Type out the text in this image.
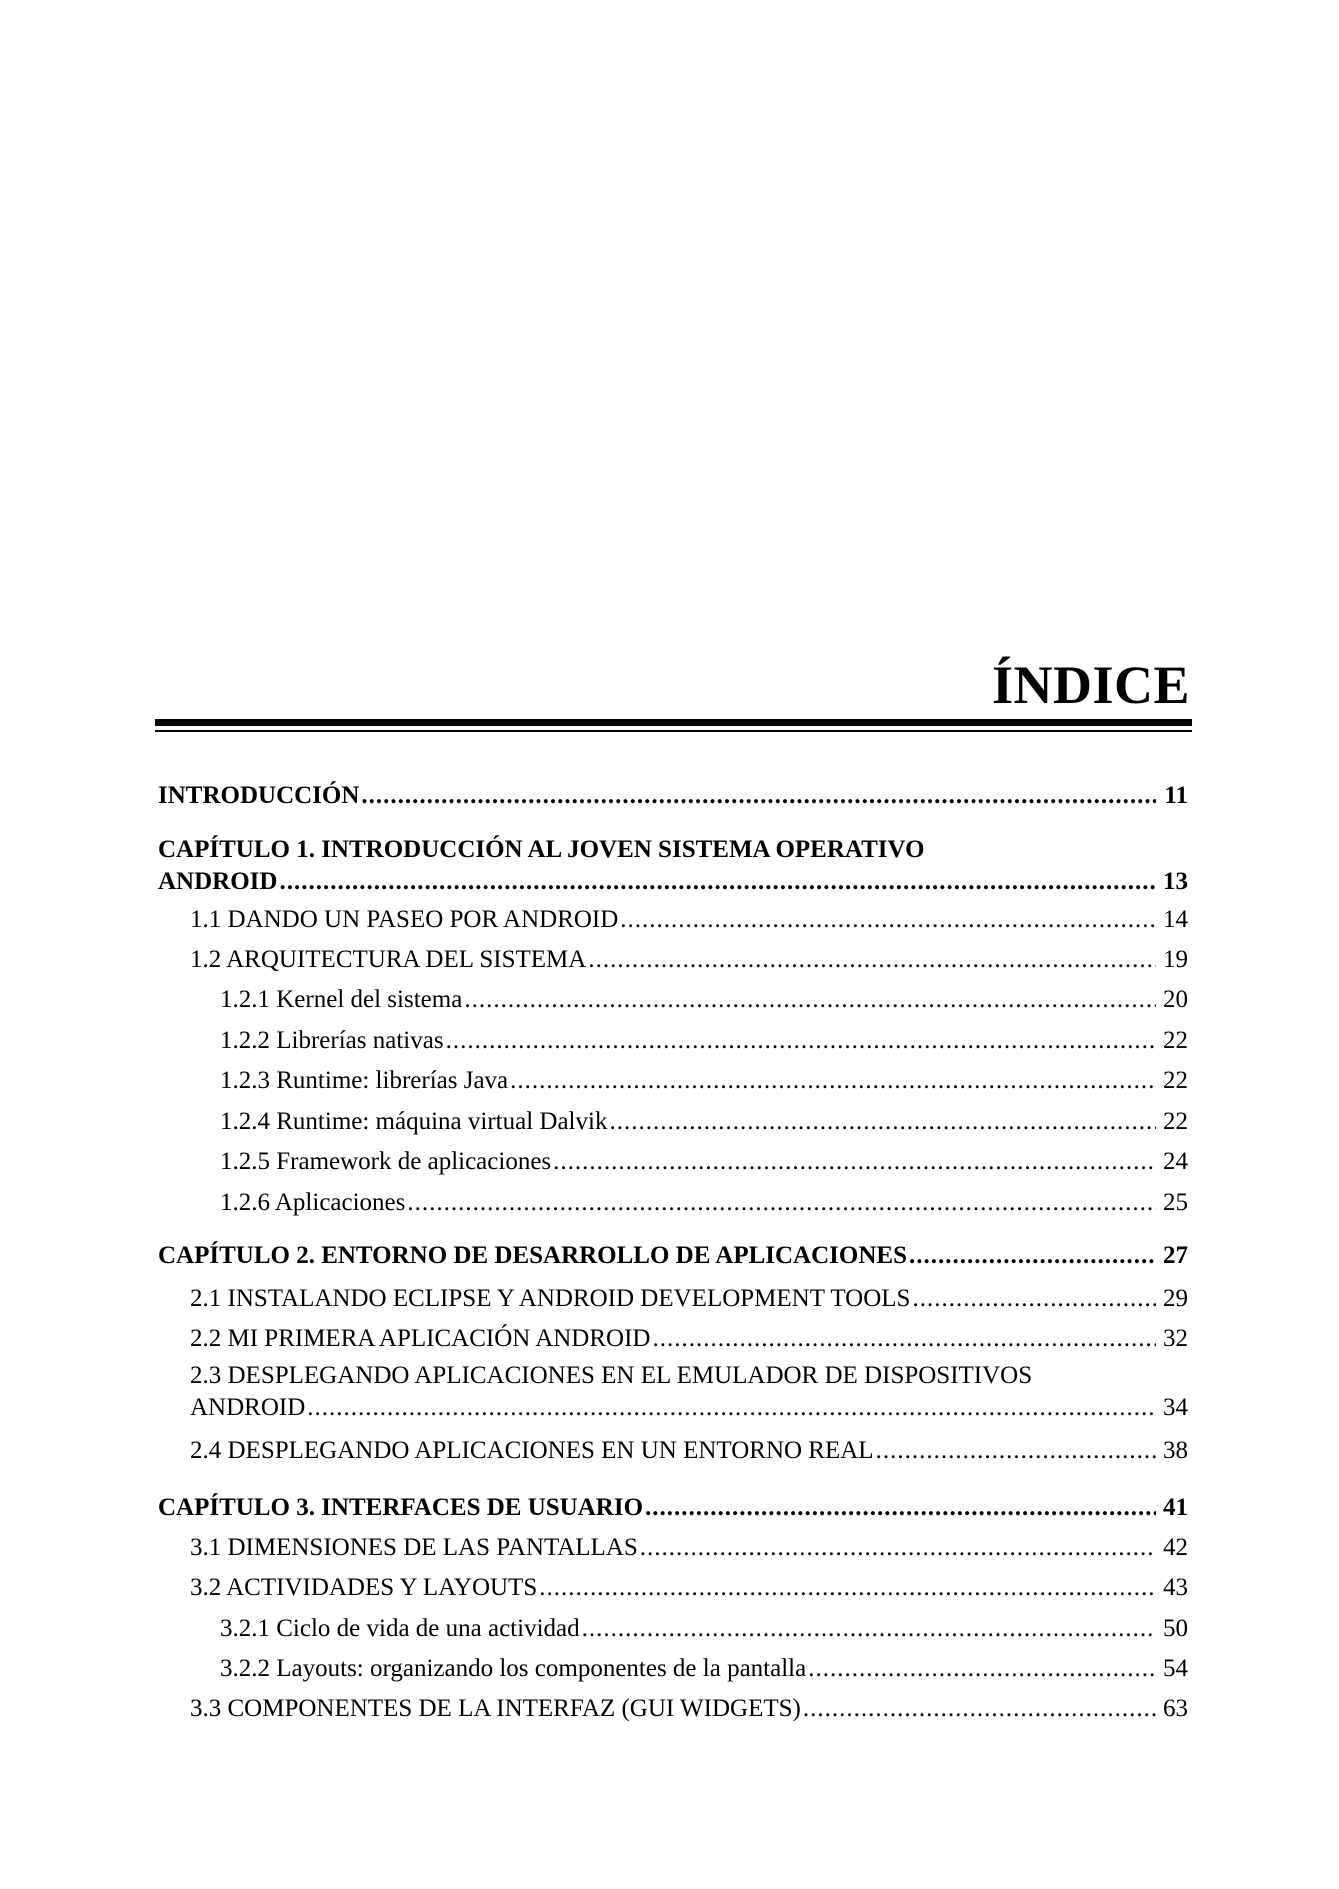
ÍNDICE
INTRODUCCIÓN .....	11
CAPÍTULO 1. INTRODUCCIÓN AL JOVEN SISTEMA OPERATIVO
ANDROID .....	13
1.1 DANDO UN PASEO POR ANDROID .....	14
1.2 ARQUITECTURA DEL SISTEMA .....	19
1.2.1 Kernel del sistema .....	20
1.2.2 Librerías nativas .....	22
1.2.3 Runtime: librerías Java .....	22
1.2.4 Runtime: máquina virtual Dalvik .....	22
1.2.5 Framework de aplicaciones .....	24
1.2.6 Aplicaciones .....	25
CAPÍTULO 2. ENTORNO DE DESARROLLO DE APLICACIONES .....	27
2.1 INSTALANDO ECLIPSE Y ANDROID DEVELOPMENT TOOLS .....	29
2.2 MI PRIMERA APLICACIÓN ANDROID .....	32
2.3 DESPLEGANDO APLICACIONES EN EL EMULADOR DE DISPOSITIVOS
ANDROID .....	34
2.4 DESPLEGANDO APLICACIONES EN UN ENTORNO REAL .....	38
CAPÍTULO 3. INTERFACES DE USUARIO .....	41
3.1 DIMENSIONES DE LAS PANTALLAS .....	42
3.2 ACTIVIDADES Y LAYOUTS .....	43
3.2.1 Ciclo de vida de una actividad .....	50
3.2.2 Layouts: organizando los componentes de la pantalla .....	54
3.3 COMPONENTES DE LA INTERFAZ (GUI WIDGETS) .....	63
